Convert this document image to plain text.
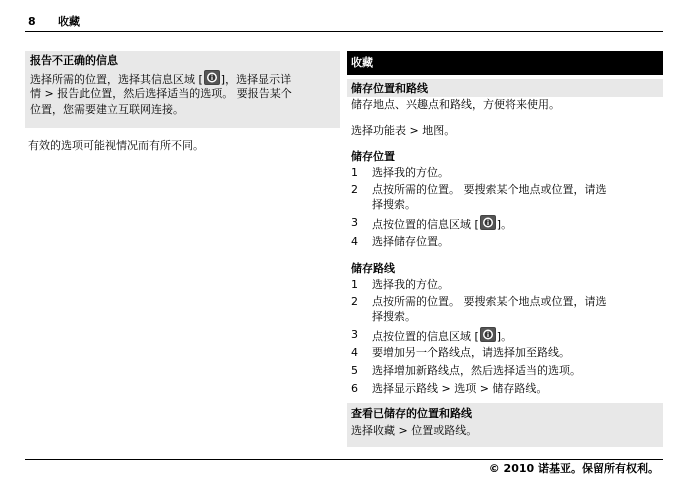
8 收藏
报告不正确的信息
选择所需的位置，选择其信息区域 [ ]，选择显示详
情 > 报告此位置，然后选择适当的选项。 要报告某个
位置，您需要建立互联网连接。
有效的选项可能视情况而有所不同。
收藏
储存位置和路线
储存地点、兴趣点和路线，方便将来使用。
选择功能表 > 地图。
储存位置
1	选择我的方位。
2	点按所需的位置。 要搜索某个地点或位置，请选
择搜索。
3	点按位置的信息区域 [ ]。
4	选择储存位置。
储存路线
1	选择我的方位。
2	点按所需的位置。 要搜索某个地点或位置，请选
择搜索。
3	点按位置的信息区域 [ ]。
4	要增加另一个路线点，请选择加至路线。
5	选择增加新路线点，然后选择适当的选项。
6	选择显示路线 > 选项 > 储存路线。
查看已储存的位置和路线
选择收藏 > 位置或路线。
© 2010 诺基亚。保留所有权利。
